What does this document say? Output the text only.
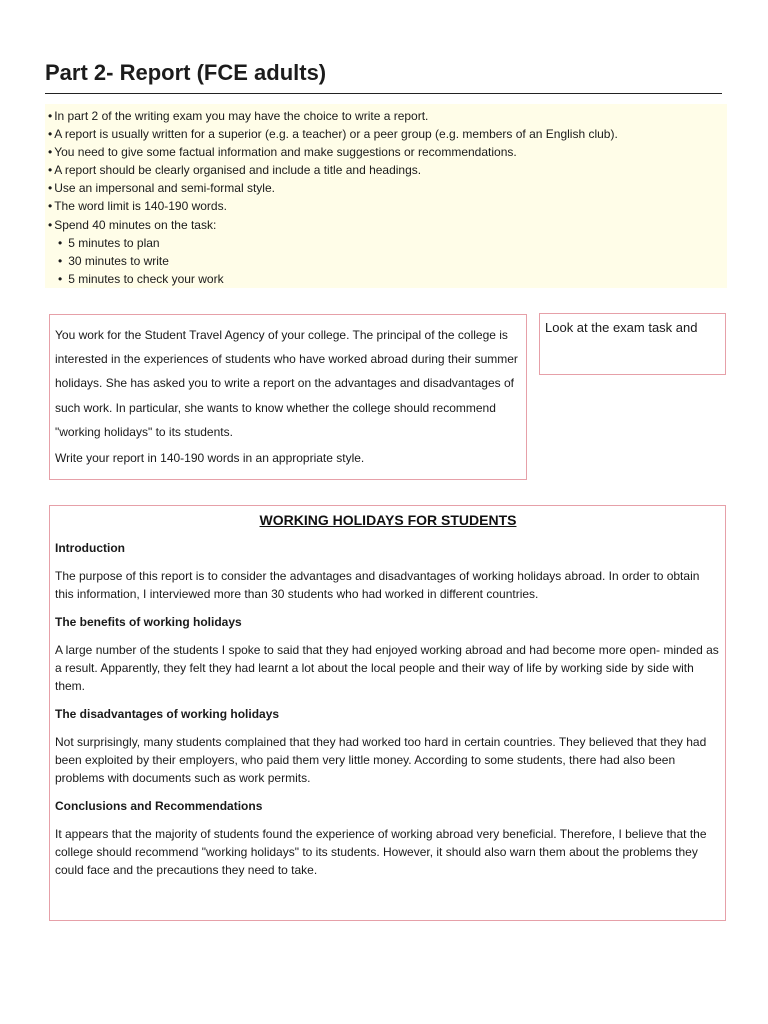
Part 2- Report (FCE adults)
• In part 2 of the writing exam you may have the choice to write a report.
• A report is usually written for a superior (e.g. a teacher) or a peer group (e.g. members of an English club).
• You need to give some factual information and make suggestions or recommendations.
• A report should be clearly organised and include a title and headings.
• Use an impersonal and semi-formal style.
• The word limit is 140-190 words.
• Spend 40 minutes on the task:
• 5 minutes to plan
• 30 minutes to write
• 5 minutes to check your work

You work for the Student Travel Agency of your college. The principal of the college is interested in the experiences of students who have worked abroad during their summer holidays. She has asked you to write a report on the advantages and disadvantages of such work. In particular, she wants to know whether the college should recommend "working holidays" to its students.

Write your report in 140-190 words in an appropriate style.

Look at the exam task and
WORKING HOLIDAYS FOR STUDENTS
Introduction

The purpose of this report is to consider the advantages and disadvantages of working holidays abroad. In order to obtain this information, I interviewed more than 30 students who had worked in different countries.

The benefits of working holidays

A large number of the students I spoke to said that they had enjoyed working abroad and had become more open- minded as a result. Apparently, they felt they had learnt a lot about the local people and their way of life by working side by side with them.

The disadvantages of working holidays

Not surprisingly, many students complained that they had worked too hard in certain countries. They believed that they had been exploited by their employers, who paid them very little money. According to some students, there had also been problems with documents such as work permits.

Conclusions and Recommendations

It appears that the majority of students found the experience of working abroad very beneficial. Therefore, I believe that the college should recommend "working holidays" to its students. However, it should also warn them about the problems they could face and the precautions they need to take.
